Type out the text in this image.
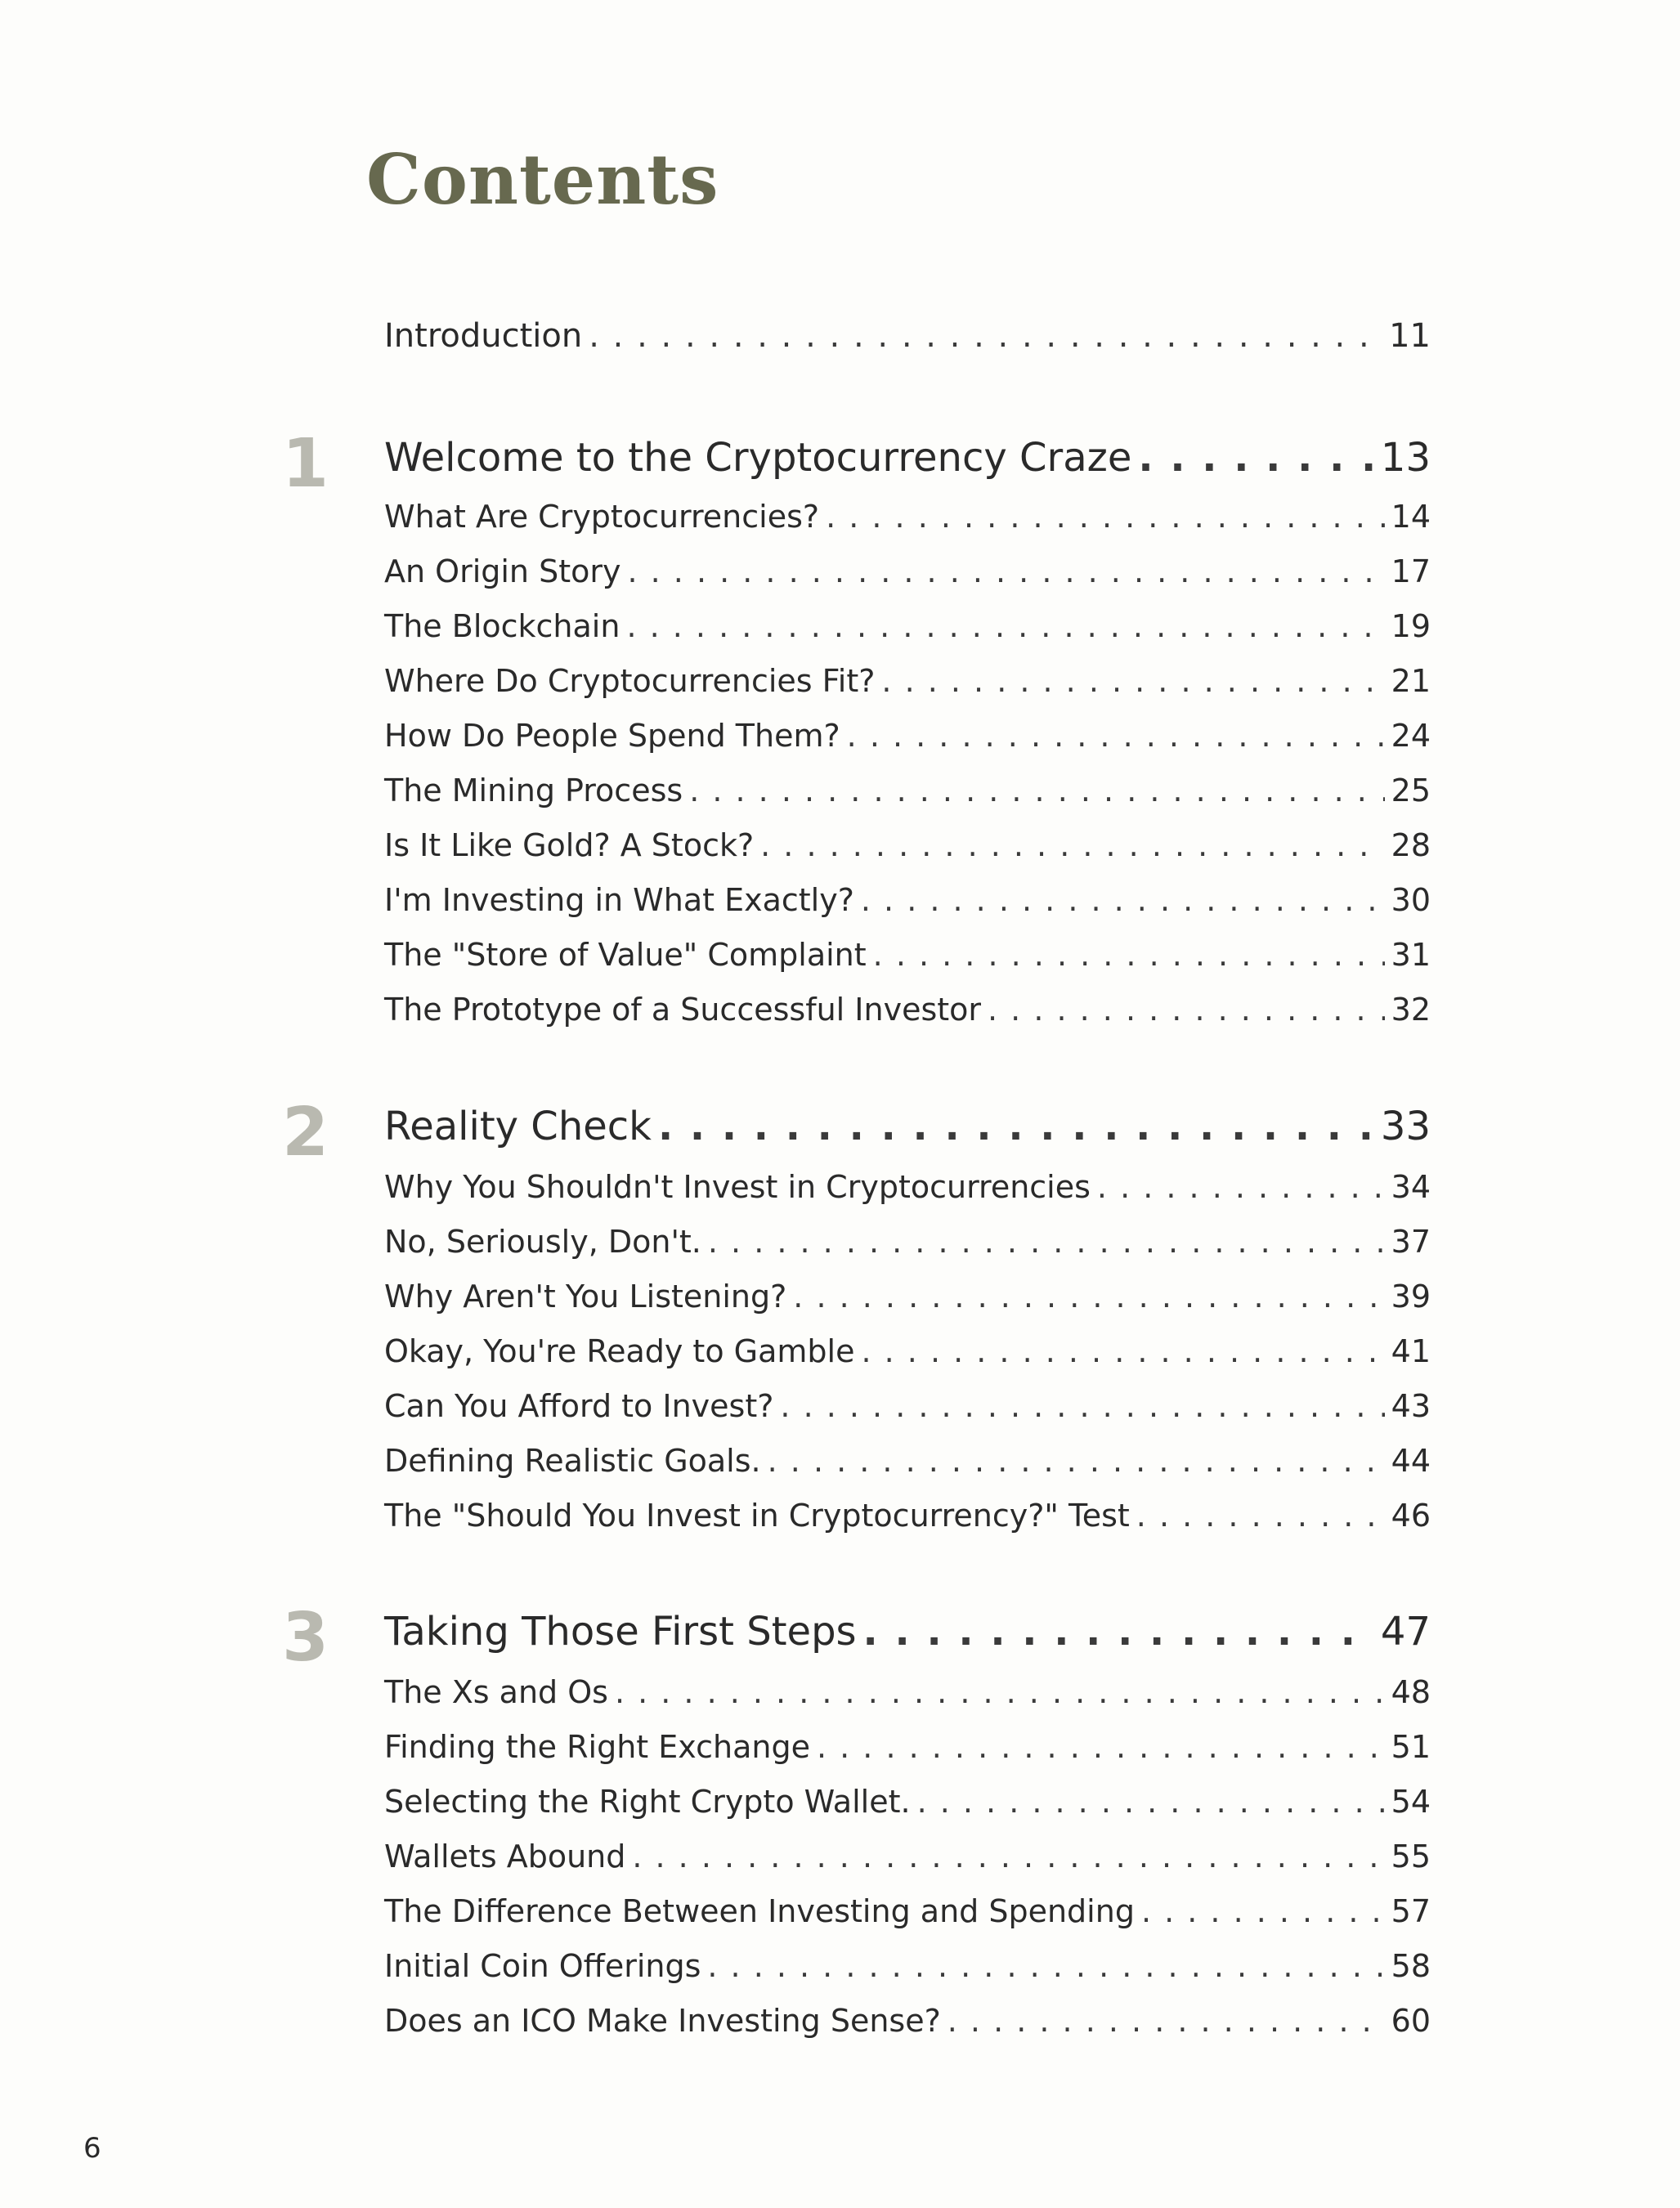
Contents
Introduction . . .	11
1 Welcome to the Cryptocurrency Craze . . .	13
What Are Cryptocurrencies? . . .	14
An Origin Story . . .	17
The Blockchain . . .	19
Where Do Cryptocurrencies Fit? . . .	21
How Do People Spend Them? . . .	24
The Mining Process . . .	25
Is It Like Gold? A Stock? . . .	28
I'm Investing in What Exactly? . . .	30
The "Store of Value" Complaint . . .	31
The Prototype of a Successful Investor . . .	32
2 Reality Check . . .	33
Why You Shouldn't Invest in Cryptocurrencies . . .	34
No, Seriously, Don't. . . .	37
Why Aren't You Listening? . . .	39
Okay, You're Ready to Gamble . . .	41
Can You Afford to Invest? . . .	43
Defining Realistic Goals. . . .	44
The "Should You Invest in Cryptocurrency?" Test . . .	46
3 Taking Those First Steps . . .	47
The Xs and Os . . .	48
Finding the Right Exchange . . .	51
Selecting the Right Crypto Wallet. . . .	54
Wallets Abound . . .	55
The Difference Between Investing and Spending . . .	57
Initial Coin Offerings . . .	58
Does an ICO Make Investing Sense? . . .	60
6
